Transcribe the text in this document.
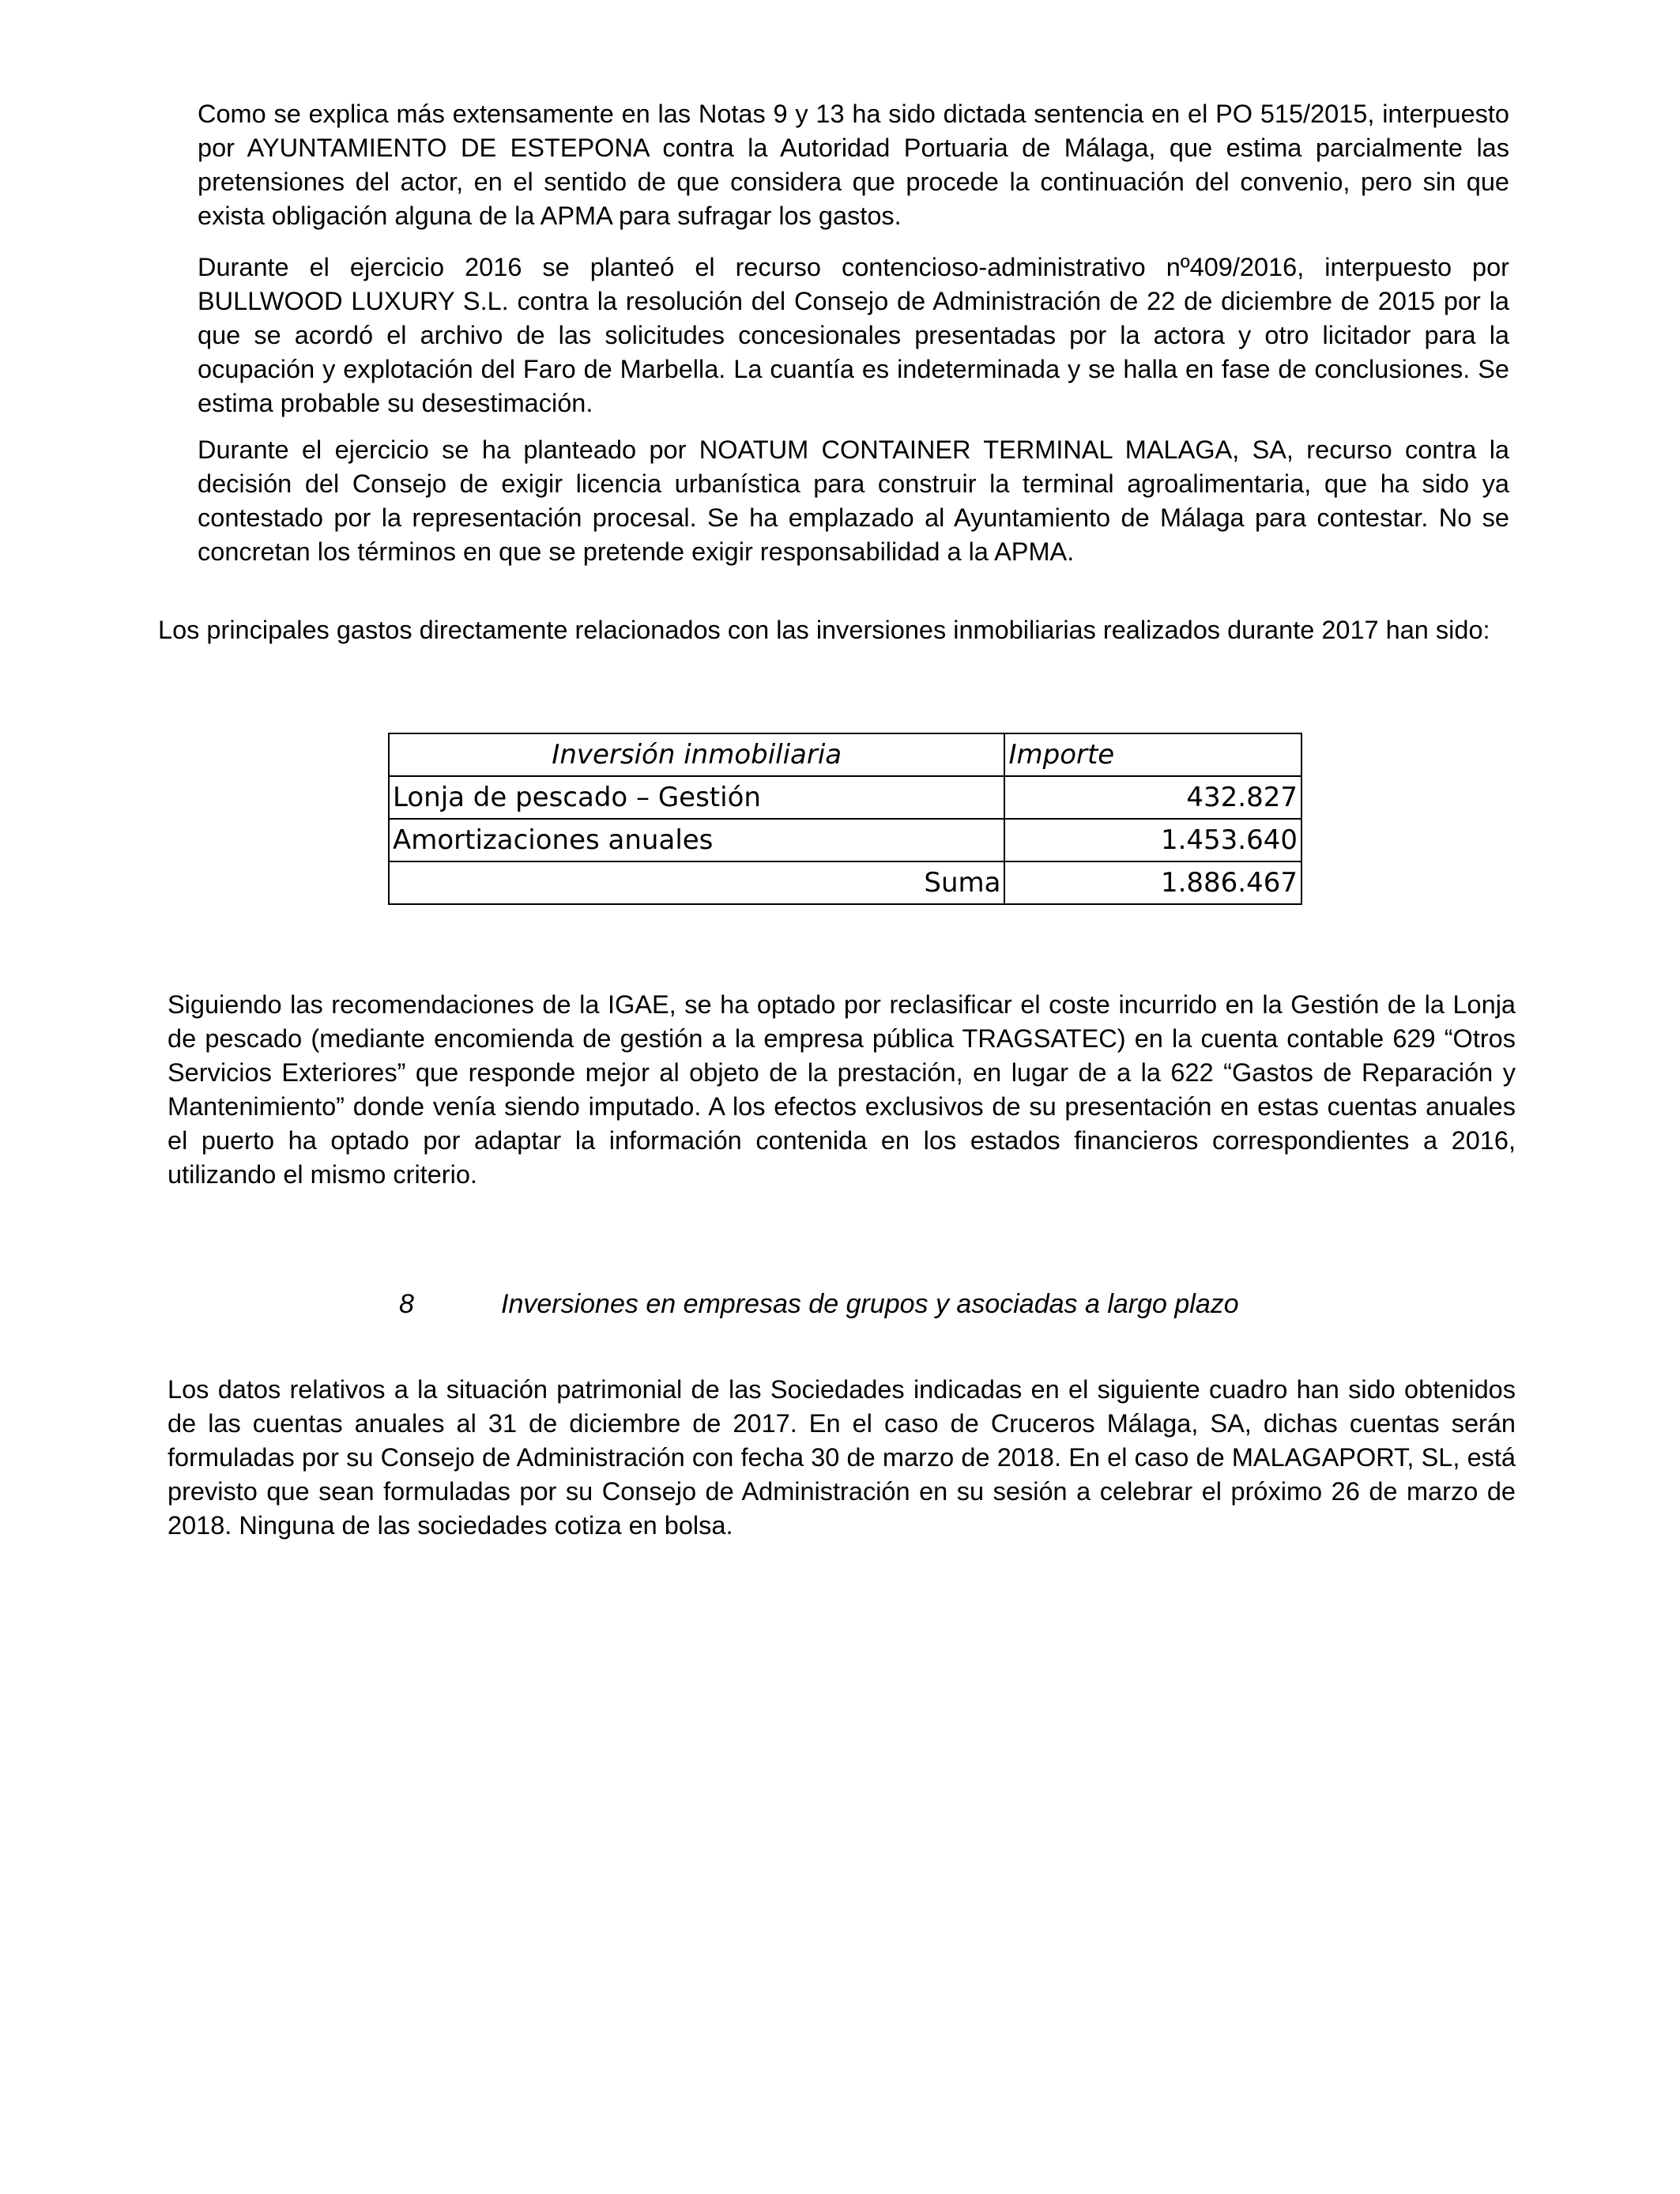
Como se explica más extensamente en las Notas 9 y 13 ha sido dictada sentencia en el PO 515/2015, interpuesto por AYUNTAMIENTO DE ESTEPONA contra la Autoridad Portuaria de Málaga, que estima parcialmente las pretensiones del actor, en el sentido de que considera que procede la continuación del convenio, pero sin que exista obligación alguna de la APMA para sufragar los gastos.

Durante el ejercicio 2016 se planteó el recurso contencioso-administrativo nº409/2016, interpuesto por BULLWOOD LUXURY S.L. contra la resolución del Consejo de Administración de 22 de diciembre de 2015 por la que se acordó el archivo de las solicitudes concesionales presentadas por la actora y otro licitador para la ocupación y explotación del Faro de Marbella. La cuantía es indeterminada y se halla en fase de conclusiones. Se estima probable su desestimación.

Durante el ejercicio se ha planteado por NOATUM CONTAINER TERMINAL MALAGA, SA, recurso contra la decisión del Consejo de exigir licencia urbanística para construir la terminal agroalimentaria, que ha sido ya contestado por la representación procesal. Se ha emplazado al Ayuntamiento de Málaga para contestar. No se concretan los términos en que se pretende exigir responsabilidad a la APMA.

Los principales gastos directamente relacionados con las inversiones inmobiliarias realizados durante 2017 han sido:

Inversión inmobiliaria	Importe
Lonja de pescado – Gestión	432.827
Amortizaciones anuales	1.453.640
Suma	1.886.467

Siguiendo las recomendaciones de la IGAE, se ha optado por reclasificar el coste incurrido en la Gestión de la Lonja de pescado (mediante encomienda de gestión a la empresa pública TRAGSATEC) en la cuenta contable 629 “Otros Servicios Exteriores” que responde mejor al objeto de la prestación, en lugar de a la 622 “Gastos de Reparación y Mantenimiento” donde venía siendo imputado. A los efectos exclusivos de su presentación en estas cuentas anuales el puerto ha optado por adaptar la información contenida en los estados financieros correspondientes a 2016, utilizando el mismo criterio.

8	Inversiones en empresas de grupos y asociadas a largo plazo

Los datos relativos a la situación patrimonial de las Sociedades indicadas en el siguiente cuadro han sido obtenidos de las cuentas anuales al 31 de diciembre de 2017. En el caso de Cruceros Málaga, SA, dichas cuentas serán formuladas por su Consejo de Administración con fecha 30 de marzo de 2018. En el caso de MALAGAPORT, SL, está previsto que sean formuladas por su Consejo de Administración en su sesión a celebrar el próximo 26 de marzo de 2018. Ninguna de las sociedades cotiza en bolsa.
